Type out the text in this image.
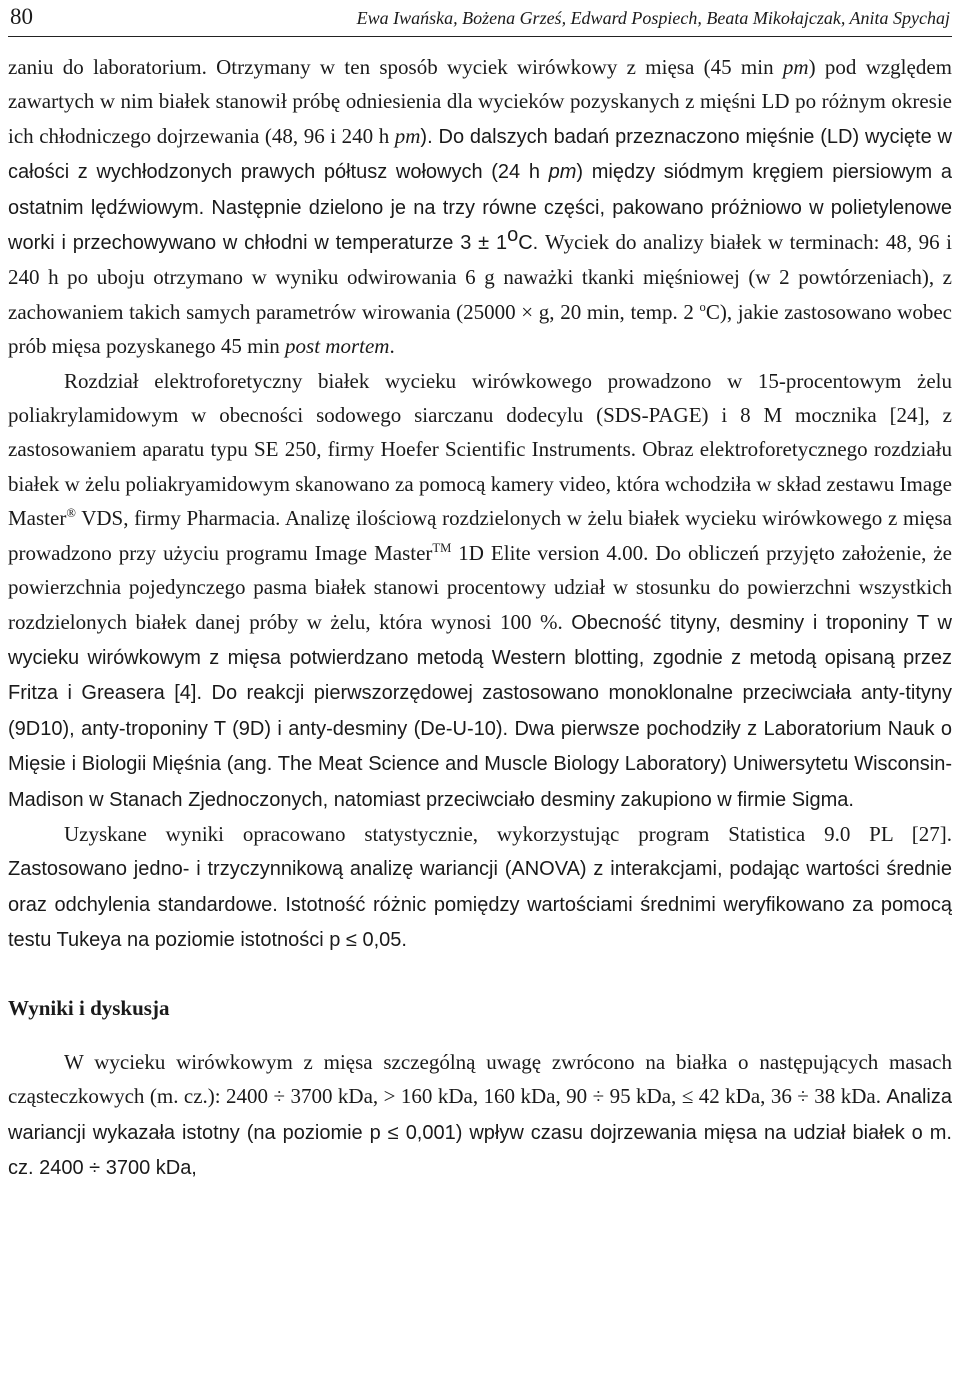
80	Ewa Iwańska, Bożena Grześ, Edward Pospiech, Beata Mikołajczak, Anita Spychaj

zaniu do laboratorium. Otrzymany w ten sposób wyciek wirówkowy z mięsa (45 min pm) pod względem zawartych w nim białek stanowił próbę odniesienia dla wycieków pozyskanych z mięśni LD po różnym okresie ich chłodniczego dojrzewania (48, 96 i 240 h pm). Do dalszych badań przeznaczono mięśnie (LD) wycięte w całości z wychłodzonych prawych półtusz wołowych (24 h pm) między siódmym kręgiem piersiowym a ostatnim lędźwiowym. Następnie dzielono je na trzy równe części, pakowano próżniowo w polietylenowe worki i przechowywano w chłodni w temperaturze $3 \pm 1^oC$. Wyciek do analizy białek w terminach: 48, 96 i 240 h po uboju otrzymano w wyniku odwirowania 6 g naważki tkanki mięśniowej (w 2 powtórzeniach), z zachowaniem takich samych parametrów wirowania (25000 × g, 20 min, temp. 2 $^o$C), jakie zastosowano wobec prób mięsa pozyskanego 45 min post mortem.

Rozdział elektroforetyczny białek wycieku wirówkowego prowadzono w 15-procentowym żelu poliakrylamidowym w obecności sodowego siarczanu dodecylu (SDS-PAGE) i 8 M mocznika [24], z zastosowaniem aparatu typu SE 250, firmy Hoefer Scientific Instruments. Obraz elektroforetycznego rozdziału białek w żelu poliakryamidowym skanowano za pomocą kamery video, która wchodziła w skład zestawu Image Master® VDS, firmy Pharmacia. Analizę ilościową rozdzielonych w żelu białek wycieku wirówkowego z mięsa prowadzono przy użyciu programu Image Master™ 1D Elite version 4.00. Do obliczeń przyjęto założenie, że powierzchnia pojedynczego pasma białek stanowi procentowy udział w stosunku do powierzchni wszystkich rozdzielonych białek danej próby w żelu, która wynosi 100 %. Obecność tityny, desminy i troponiny T w wycieku wirówkowym z mięsa potwierdzano metodą Western blotting, zgodnie z metodą opisaną przez Fritza i Greasera [4]. Do reakcji pierwszorzędowej zastosowano monoklonalne przeciwciała anty-tityny (9D10), anty-troponiny T (9D) i anty-desminy (De-U-10). Dwa pierwsze pochodziły z Laboratorium Nauk o Mięsie i Biologii Mięśnia (ang. The Meat Science and Muscle Biology Laboratory) Uniwersytetu Wisconsin-Madison w Stanach Zjednoczonych, natomiast przeciwciało desminy zakupiono w firmie Sigma.

Uzyskane wyniki opracowano statystycznie, wykorzystując program Statistica 9.0 PL [27]. Zastosowano jedno- i trzyczynnikową analizę wariancji (ANOVA) z interakcjami, podając wartości średnie oraz odchylenia standardowe. Istotność różnic pomiędzy wartościami średnimi weryfikowano za pomocą testu Tukeya na poziomie istotności p ≤ 0,05.

Wyniki i dyskusja

W wycieku wirówkowym z mięsa szczególną uwagę zwrócono na białka o następujących masach cząsteczkowych (m. cz.): 2400 ÷ 3700 kDa, > 160 kDa, 160 kDa, 90 ÷ 95 kDa, ≤ 42 kDa, 36 ÷ 38 kDa. Analiza wariancji wykazała istotny (na poziomie p ≤ 0,001) wpływ czasu dojrzewania mięsa na udział białek o m. cz. 2400 ÷ 3700 kDa,
